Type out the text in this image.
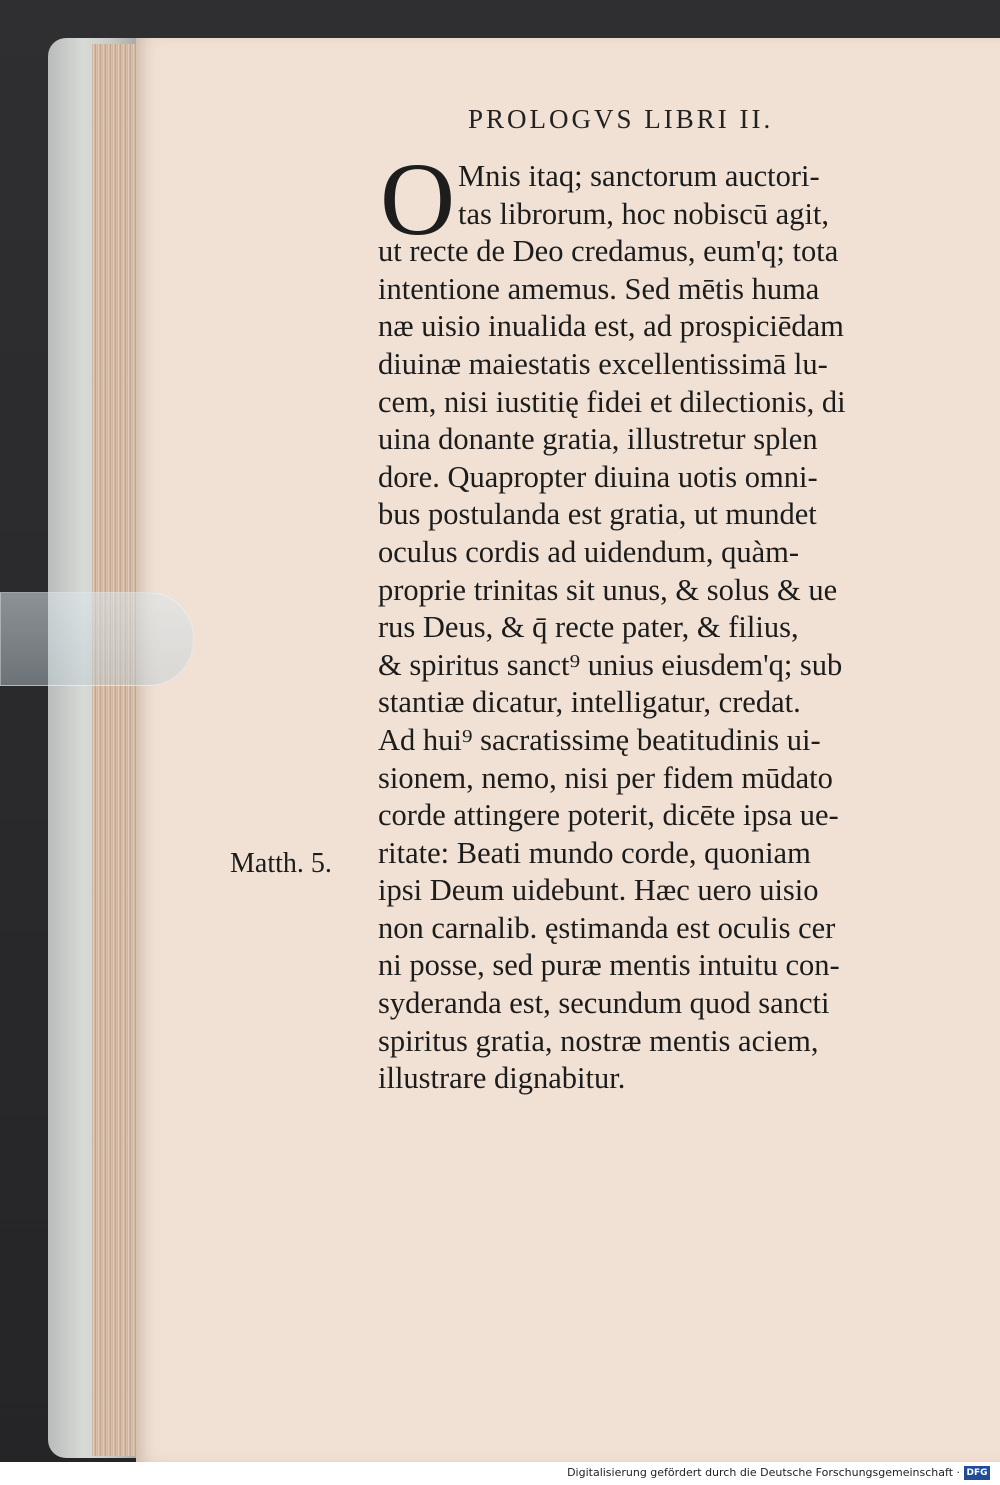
PROLOGVS LIBRI II.
O Mnis itaq; sanctorum auctori-
tas librorum, hoc nobiscū agit,
ut recte de Deo credamus, eum'q; tota
intentione amemus. Sed mētis huma
næ uisio inualida est, ad prospiciēdam
diuinæ maiestatis excellentissimā lu-
cem, nisi iustitię fidei et dilectionis, di
uina donante gratia, illustretur splen
dore. Quapropter diuina uotis omni-
bus postulanda est gratia, ut mundet
oculus cordis ad uidendum, quàm-
proprie trinitas sit unus, & solus & ue
rus Deus, & q̄ recte pater, & filius,
& spiritus sanct⁹ unius eiusdem'q; sub
stantiæ dicatur, intelligatur, credat.
Ad hui⁹ sacratissimę beatitudinis ui-
sionem, nemo, nisi per fidem mūdato
corde attingere poterit, dicēte ipsa ue-
ritate: Beati mundo corde, quoniam
ipsi Deum uidebunt. Hæc uero uisio
non carnalib. ęstimanda est oculis cer
ni posse, sed puræ mentis intuitu con-
syderanda est, secundum quod sancti
spiritus gratia, nostræ mentis aciem,
illustrare dignabitur.
Matth. 5.
Digitalisierung gefördert durch die Deutsche Forschungsgemeinschaft · DFG
